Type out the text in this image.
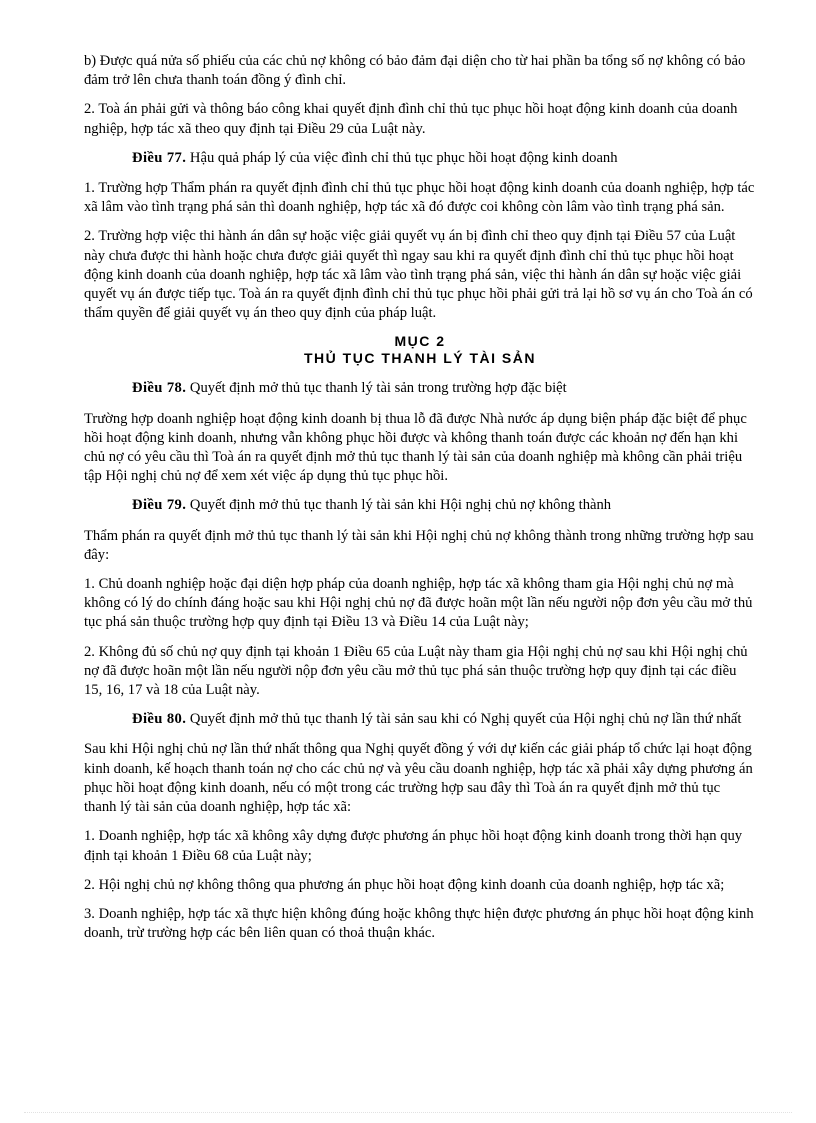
b) Được quá nửa số phiếu của các chủ nợ không có bảo đảm đại diện cho từ hai phần ba tổng số nợ không có bảo đảm trở lên chưa thanh toán đồng ý đình chỉ.

2. Toà án phải gửi và thông báo công khai quyết định đình chỉ thủ tục phục hồi hoạt động kinh doanh của doanh nghiệp, hợp tác xã theo quy định tại Điều 29 của Luật này.

Điều 77. Hậu quả pháp lý của việc đình chỉ thủ tục phục hồi hoạt động kinh doanh

1. Trường hợp Thẩm phán ra quyết định đình chỉ thủ tục phục hồi hoạt động kinh doanh của doanh nghiệp, hợp tác xã lâm vào tình trạng phá sản thì doanh nghiệp, hợp tác xã đó được coi không còn lâm vào tình trạng phá sản.

2. Trường hợp việc thi hành án dân sự hoặc việc giải quyết vụ án bị đình chỉ theo quy định tại Điều 57 của Luật này chưa được thi hành hoặc chưa được giải quyết thì ngay sau khi ra quyết định đình chỉ thủ tục phục hồi hoạt động kinh doanh của doanh nghiệp, hợp tác xã lâm vào tình trạng phá sản, việc thi hành án dân sự hoặc việc giải quyết vụ án được tiếp tục. Toà án ra quyết định đình chỉ thủ tục phục hồi phải gửi trả lại hồ sơ vụ án cho Toà án có thẩm quyền để giải quyết vụ án theo quy định của pháp luật.

MỤC 2
THỦ TỤC THANH LÝ TÀI SẢN

Điều 78. Quyết định mở thủ tục thanh lý tài sản trong trường hợp đặc biệt

Trường hợp doanh nghiệp hoạt động kinh doanh bị thua lỗ đã được Nhà nước áp dụng biện pháp đặc biệt để phục hồi hoạt động kinh doanh, nhưng vẫn không phục hồi được và không thanh toán được các khoản nợ đến hạn khi chủ nợ có yêu cầu thì Toà án ra quyết định mở thủ tục thanh lý tài sản của doanh nghiệp mà không cần phải triệu tập Hội nghị chủ nợ để xem xét việc áp dụng thủ tục phục hồi.

Điều 79. Quyết định mở thủ tục thanh lý tài sản khi Hội nghị chủ nợ không thành

Thẩm phán ra quyết định mở thủ tục thanh lý tài sản khi Hội nghị chủ nợ không thành trong những trường hợp sau đây:

1. Chủ doanh nghiệp hoặc đại diện hợp pháp của doanh nghiệp, hợp tác xã không tham gia Hội nghị chủ nợ mà không có lý do chính đáng hoặc sau khi Hội nghị chủ nợ đã được hoãn một lần nếu người nộp đơn yêu cầu mở thủ tục phá sản thuộc trường hợp quy định tại Điều 13 và Điều 14 của Luật này;

2. Không đủ số chủ nợ quy định tại khoản 1 Điều 65 của Luật này tham gia Hội nghị chủ nợ sau khi Hội nghị chủ nợ đã được hoãn một lần nếu người nộp đơn yêu cầu mở thủ tục phá sản thuộc trường hợp quy định tại các điều 15, 16, 17 và 18 của Luật này.

Điều 80. Quyết định mở thủ tục thanh lý tài sản sau khi có Nghị quyết của Hội nghị chủ nợ lần thứ nhất

Sau khi Hội nghị chủ nợ lần thứ nhất thông qua Nghị quyết đồng ý với dự kiến các giải pháp tổ chức lại hoạt động kinh doanh, kế hoạch thanh toán nợ cho các chủ nợ và yêu cầu doanh nghiệp, hợp tác xã phải xây dựng phương án phục hồi hoạt động kinh doanh, nếu có một trong các trường hợp sau đây thì Toà án ra quyết định mở thủ tục thanh lý tài sản của doanh nghiệp, hợp tác xã:

1. Doanh nghiệp, hợp tác xã không xây dựng được phương án phục hồi hoạt động kinh doanh trong thời hạn quy định tại khoản 1 Điều 68 của Luật này;

2. Hội nghị chủ nợ không thông qua phương án phục hồi hoạt động kinh doanh của doanh nghiệp, hợp tác xã;

3. Doanh nghiệp, hợp tác xã thực hiện không đúng hoặc không thực hiện được phương án phục hồi hoạt động kinh doanh, trừ trường hợp các bên liên quan có thoả thuận khác.
